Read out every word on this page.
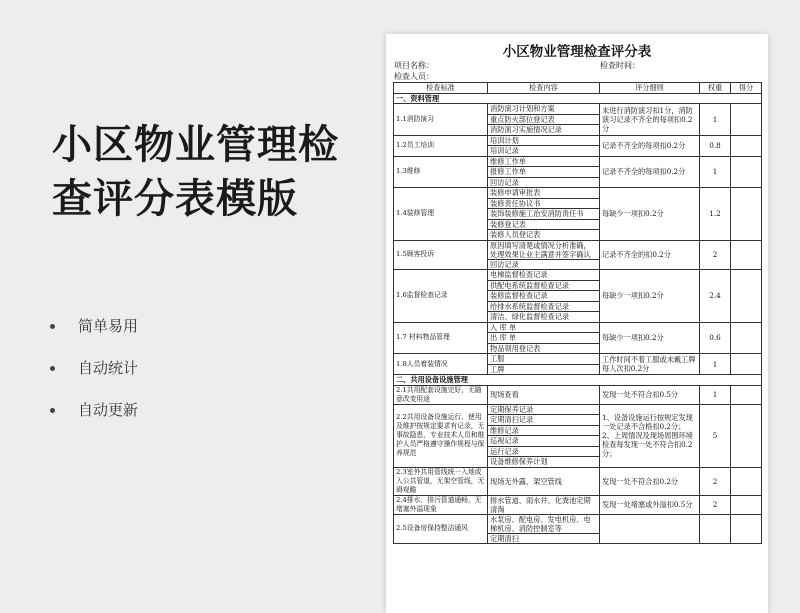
小区物业管理检
查评分表模版
简单易用
自动统计
自动更新
小区物业管理检查评分表
项目名称：	检查时间：
检查人员：
检查标准	检查内容	评分细则	权重	得分
一、资料管理				
1.1消防演习	消防演习计划和方案	未进行消防演习扣1分，消防演习记录不齐全的每项扣0.2分	1	
	重点防火部位登记表			
	消防演习实施情况记录			
1.2员工培训	培训计划	记录不齐全的每项扣0.2分	0.8	
	培训记录			
1.3维修	维修工作单	记录不齐全的每项扣0.2分	1	
	报修工作单			
	回访记录			
1.4装修管理	装修申请审批表	每缺少一项扣0.2分	1.2	
	装修责任协议书			
	装饰装修施工治安消防责任书			
	装修登记表			
	装修人员登记表			
1.5顾客投诉	原因填写清楚或情况分析准确，处理效果让业主满意并签字确认	记录不齐全的扣0.2分	2	
	回访记录			
1.6监督检查记录	电梯监督检查记录	每缺少一项扣0.2分	2.4	
	供配电系统监督检查记录			
	装修监督检查记录			
	给排水系统监督检查记录			
	清洁、绿化监督检查记录			
1.7 材料物品管理	入 库 单	每缺少一项扣0.2分	0.6	
	出 库 单			
	物品领用登记表			
1.8人员着装情况	工服	工作时间不着工服或未戴工牌每人次扣0.2分	1	
	工牌			
二、共用设备设施管理				
2.1共用配套设施完好，无随意改变用途	现场查看	发现一处不符合扣0.5分	1	
2.2共用设备设施运行、使用及维护按规定要求有记录，无事故隐患，专业技术人员和维护人员严格遵守操作规程与保养规范	定期保养记录	1、设备设施运行按规定发现一处记录不合格扣0.2分；2、上周情况及现场周围环境检查每发现一处不符合扣0.2分；	5	
	定期清扫记录			
	维修记录			
	巡视记录			
	运行记录			
	设备维修保养计划			
2.3室外共用管线统一入地或入公共管道，无架空管线，无碍观瞻	现场无外露、架空管线	发现一处不符合扣0.2分	2	
2.4排水、排污管道通畅，无堵塞外溢现象	排水管道、雨水井、化粪池定期清淘	发现一处堵塞或外溢扣0.5分	2	
2.5设备房保持整洁通风	水泵房、配电房、发电机房、电梯机房、消防控制室等			
	定期清扫			
